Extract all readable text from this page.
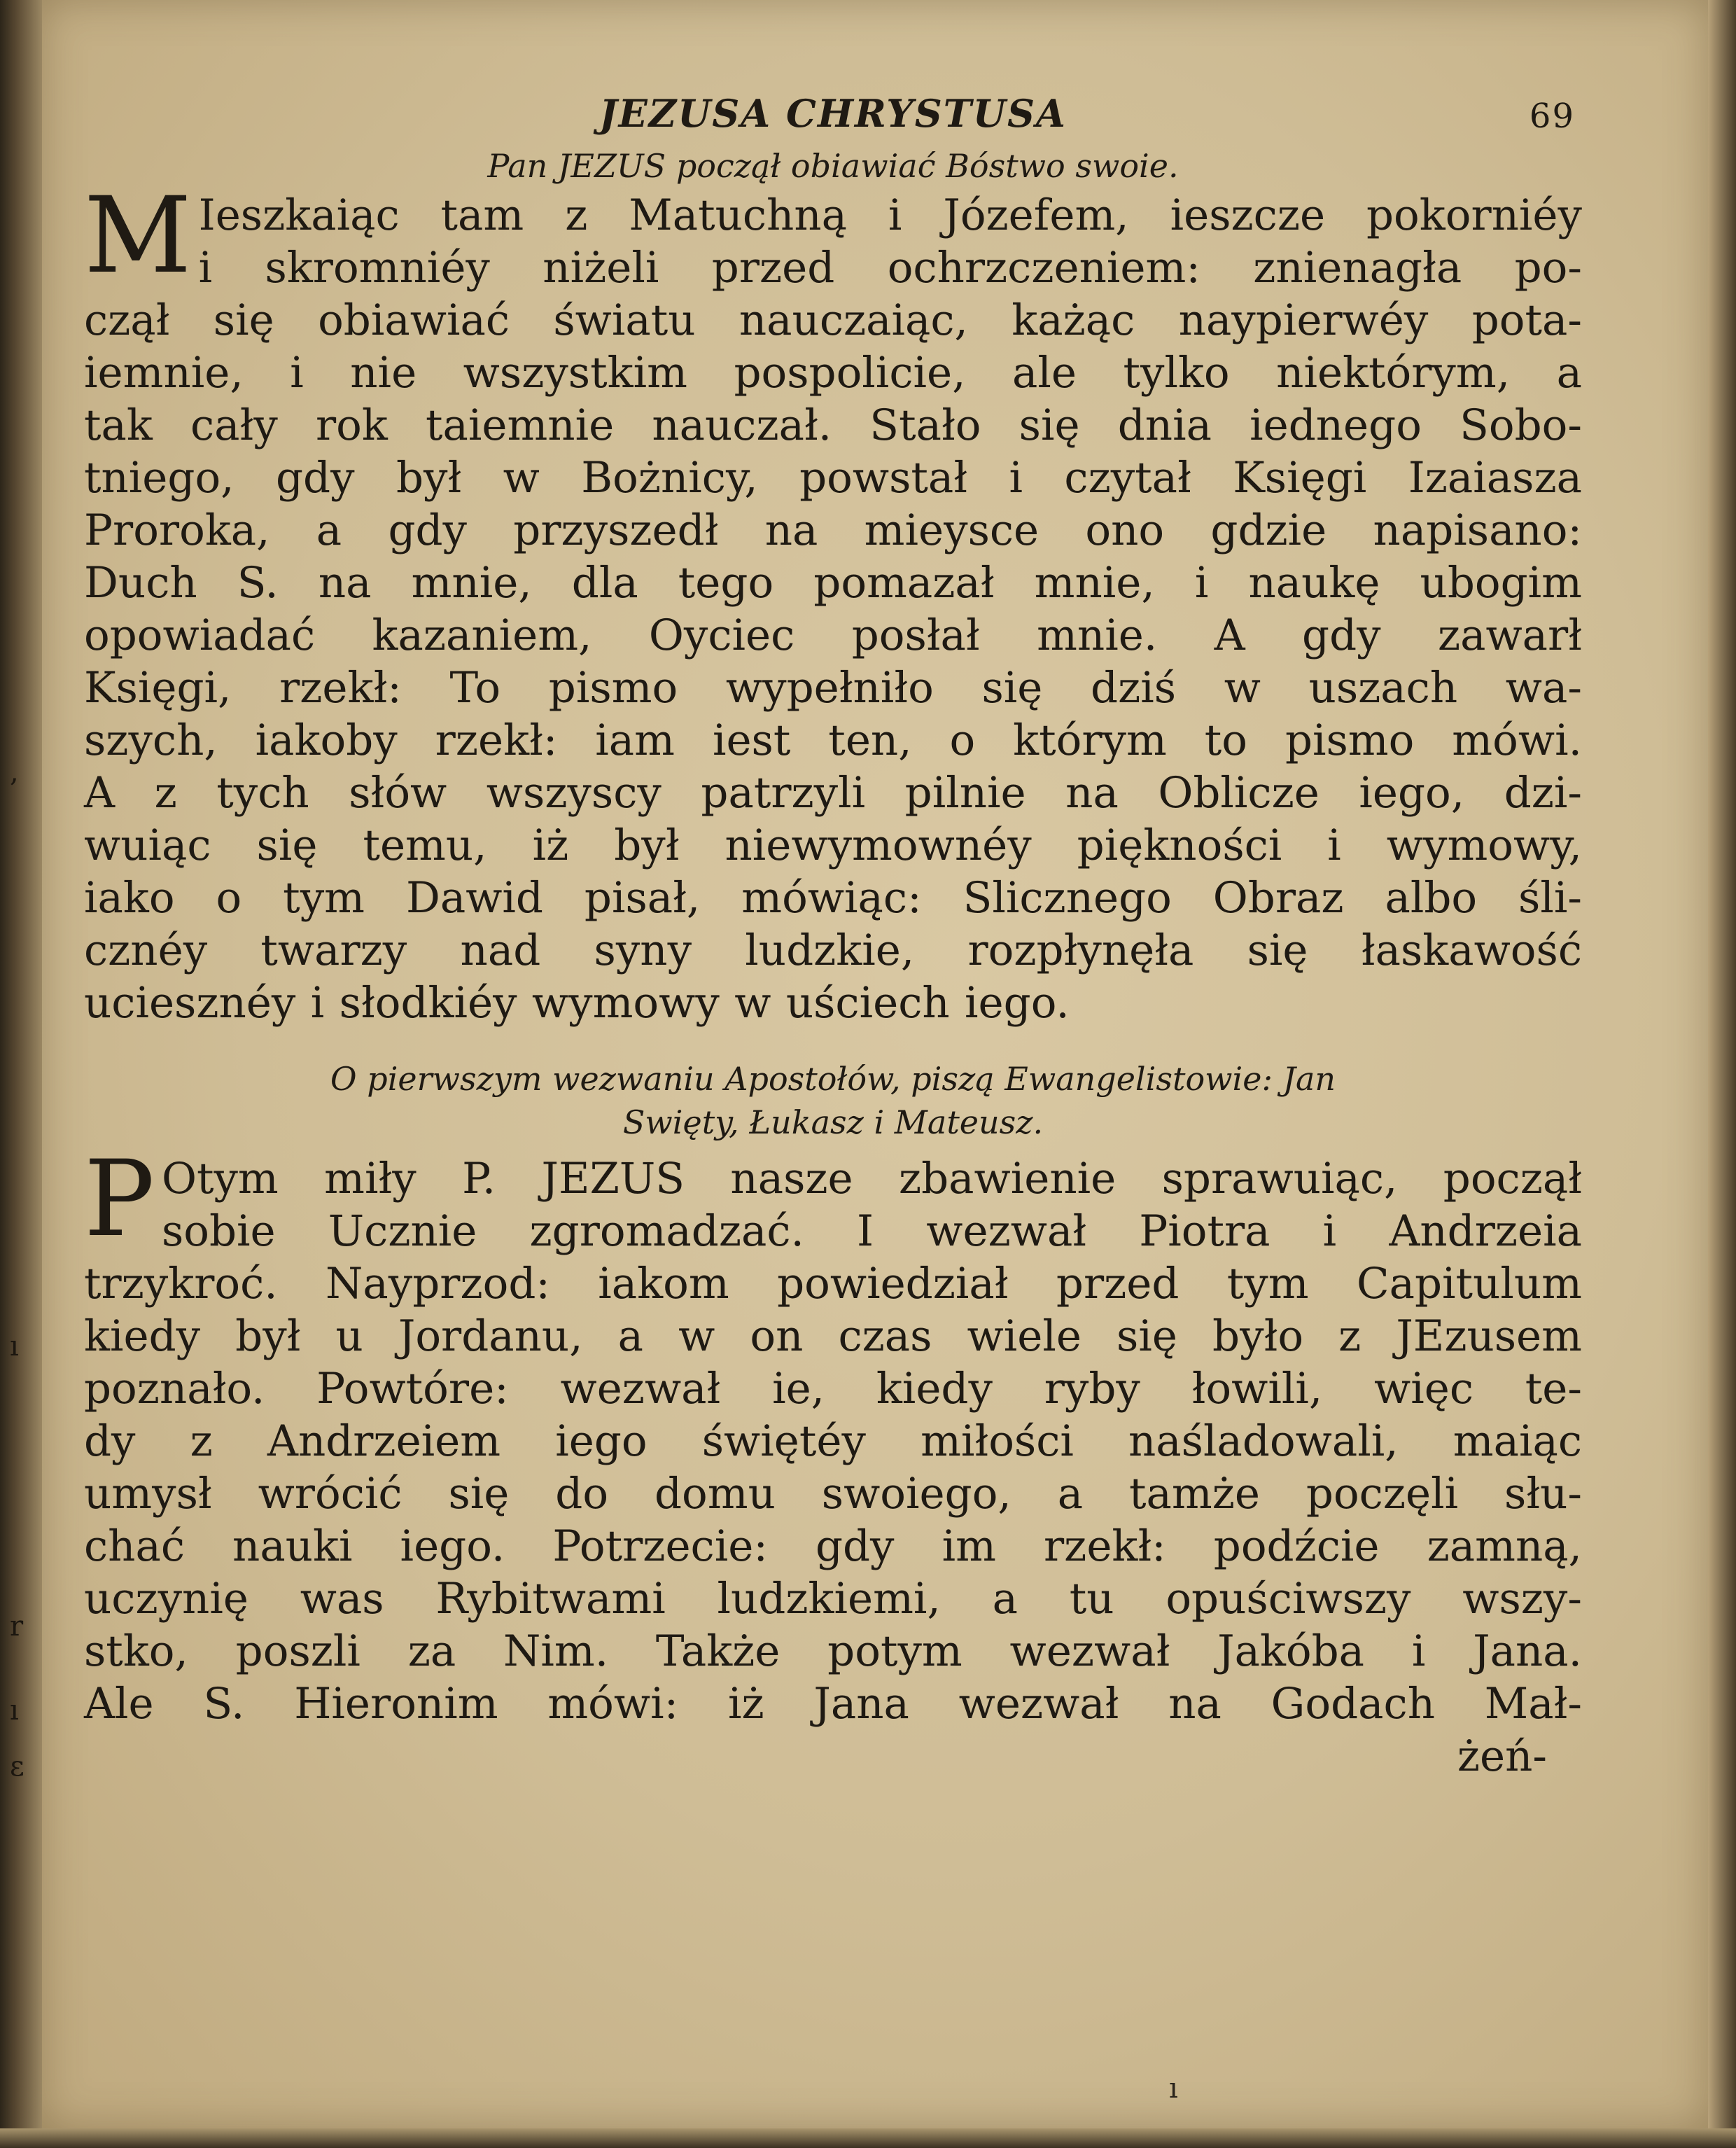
,
ı
r
ı
ε
JEZUSA CHRYSTUSA	69
Pan JEZUS począł obiawiać Bóstwo swoie.
M Ieszkaiąc tam z Matuchną i Józefem, ieszcze pokorniéy
i skromniéy niżeli przed ochrzczeniem: znienagła po-
czął się obiawiać światu nauczaiąc, każąc naypierwéy pota-
iemnie, i nie wszystkim pospolicie, ale tylko niektórym, a
tak cały rok taiemnie nauczał. Stało się dnia iednego Sobo-
tniego, gdy był w Bożnicy, powstał i czytał Księgi Izaiasza
Proroka, a gdy przyszedł na mieysce ono gdzie napisano:
Duch S. na mnie, dla tego pomazał mnie, i naukę ubogim
opowiadać kazaniem, Oyciec posłał mnie. A gdy zawarł
Księgi, rzekł: To pismo wypełniło się dziś w uszach wa-
szych, iakoby rzekł: iam iest ten, o którym to pismo mówi.
A z tych słów wszyscy patrzyli pilnie na Oblicze iego, dzi-
wuiąc się temu, iż był niewymownéy piękności i wymowy,
iako o tym Dawid pisał, mówiąc: Slicznego Obraz albo śli-
cznéy twarzy nad syny ludzkie, rozpłynęła się łaskawość
uciesznéy i słodkiéy wymowy w uściech iego.
O pierwszym wezwaniu Apostołów, piszą Ewangelistowie: Jan
Swięty, Łukasz i Mateusz.
P Otym miły P. JEZUS nasze zbawienie sprawuiąc, począł
sobie Ucznie zgromadzać. I wezwał Piotra i Andrzeia
trzykroć. Nayprzod: iakom powiedział przed tym Capitulum
kiedy był u Jordanu, a w on czas wiele się było z JEzusem
poznało. Powtóre: wezwał ie, kiedy ryby łowili, więc te-
dy z Andrzeiem iego świętéy miłości naśladowali, maiąc
umysł wrócić się do domu swoiego, a tamże poczęli słu-
chać nauki iego. Potrzecie: gdy im rzekł: podźcie zamną,
uczynię was Rybitwami ludzkiemi, a tu opuściwszy wszy-
stko, poszli za Nim. Także potym wezwał Jakóba i Jana.
Ale S. Hieronim mówi: iż Jana wezwał na Godach Mał-
żeń-
ı
